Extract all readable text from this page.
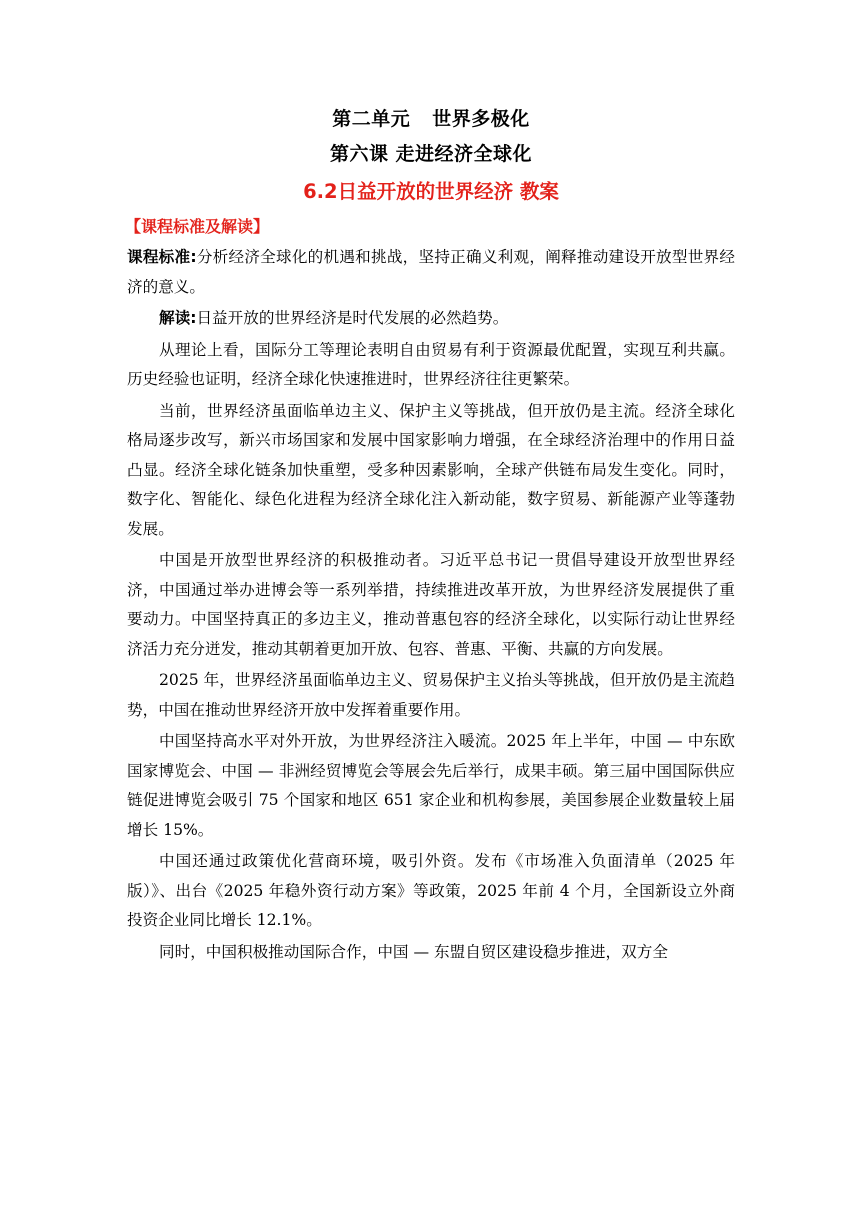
第二单元 世界多极化
第六课 走进经济全球化
6.2日益开放的世界经济 教案
【课程标准及解读】

课程标准:分析经济全球化的机遇和挑战，坚持正确义利观，阐释推动建设开放型世界经济的意义。

解读:日益开放的世界经济是时代发展的必然趋势。

从理论上看，国际分工等理论表明自由贸易有利于资源最优配置，实现互利共赢。历史经验也证明，经济全球化快速推进时，世界经济往往更繁荣。

当前，世界经济虽面临单边主义、保护主义等挑战，但开放仍是主流。经济全球化格局逐步改写，新兴市场国家和发展中国家影响力增强，在全球经济治理中的作用日益凸显。经济全球化链条加快重塑，受多种因素影响，全球产供链布局发生变化。同时，数字化、智能化、绿色化进程为经济全球化注入新动能，数字贸易、新能源产业等蓬勃发展。

中国是开放型世界经济的积极推动者。习近平总书记一贯倡导建设开放型世界经济，中国通过举办进博会等一系列举措，持续推进改革开放，为世界经济发展提供了重要动力。中国坚持真正的多边主义，推动普惠包容的经济全球化，以实际行动让世界经济活力充分迸发，推动其朝着更加开放、包容、普惠、平衡、共赢的方向发展。

2025 年，世界经济虽面临单边主义、贸易保护主义抬头等挑战，但开放仍是主流趋势，中国在推动世界经济开放中发挥着重要作用。

中国坚持高水平对外开放，为世界经济注入暖流。2025 年上半年，中国 — 中东欧国家博览会、中国 — 非洲经贸博览会等展会先后举行，成果丰硕。第三届中国国际供应链促进博览会吸引 75 个国家和地区 651 家企业和机构参展，美国参展企业数量较上届增长 15%。

中国还通过政策优化营商环境，吸引外资。发布《市场准入负面清单（2025 年版）》、出台《2025 年稳外资行动方案》等政策，2025 年前 4 个月，全国新设立外商投资企业同比增长 12.1%。

同时，中国积极推动国际合作，中国 — 东盟自贸区建设稳步推进，双方全
